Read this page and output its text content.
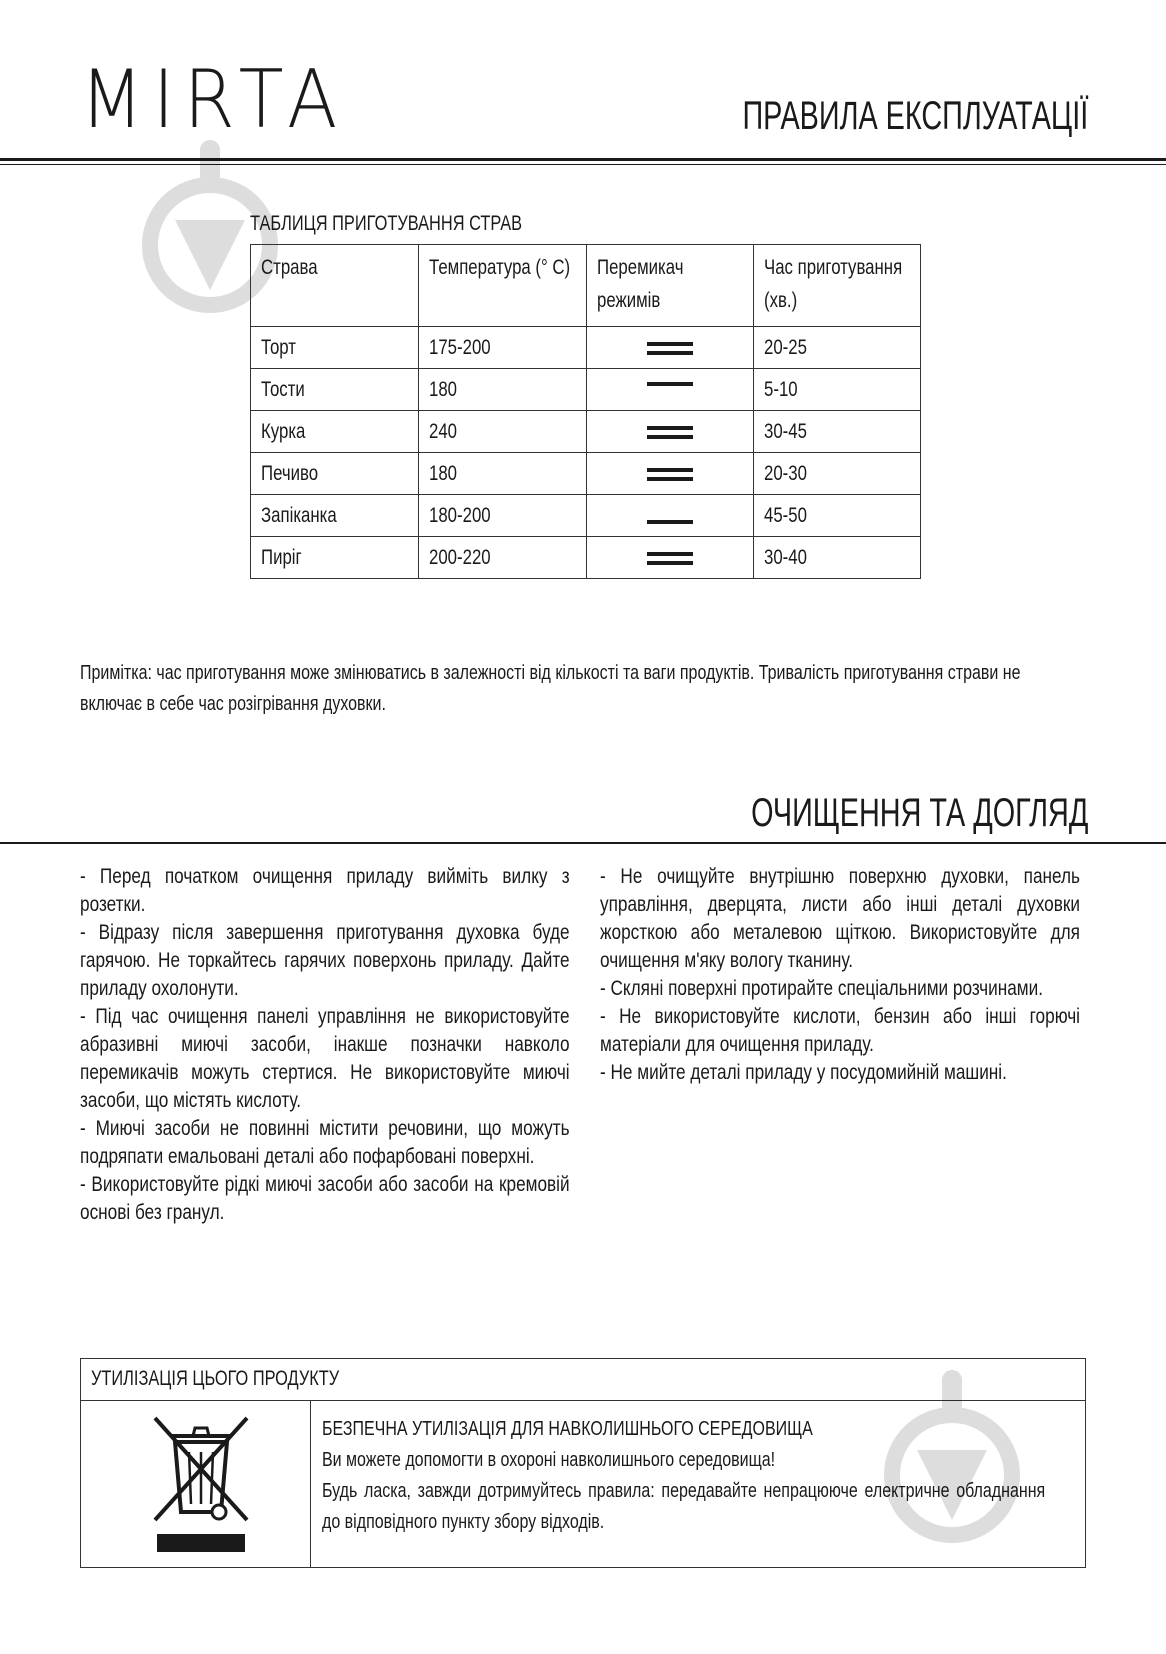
MIRTA	ПРАВИЛА ЕКСПЛУАТАЦІЇ
ТАБЛИЦЯ ПРИГОТУВАННЯ СТРАВ
Страва	Температура (° C)	Перемикач режимів	Час приготування (хв.)
Торт	175-200		20-25
Тости	180		5-10
Курка	240		30-45
Печиво	180		20-30
Запіканка	180-200		45-50
Пиріг	200-220		30-40
Примітка: час приготування може змінюватись в залежності від кількості та ваги продуктів. Тривалість приготування страви не включає в себе час розігрівання духовки.
ОЧИЩЕННЯ ТА ДОГЛЯД

- Перед початком очищення приладу вийміть вилку з розетки.

- Відразу після завершення приготування духовка буде гарячою. Не торкайтесь гарячих поверхонь приладу. Дайте приладу охолонути.

- Під час очищення панелі управління не використовуйте абразивні миючі засоби, інакше позначки навколо перемикачів можуть стертися. Не використовуйте миючі засоби, що містять кислоту.

- Миючі засоби не повинні містити речовини, що можуть подряпати емальовані деталі або пофарбовані поверхні.

- Використовуйте рідкі миючі засоби або засоби на кремовій основі без гранул.

- Не очищуйте внутрішню поверхню духовки, панель управління, дверцята, листи або інші деталі духовки жорсткою або металевою щіткою. Використовуйте для очищення м'яку вологу тканину.

- Скляні поверхні протирайте спеціальними розчинами.

- Не використовуйте кислоти, бензин або інші горючі матеріали для очищення приладу.

- Не мийте деталі приладу у посудомийній машині.

УТИЛІЗАЦІЯ ЦЬОГО ПРОДУКТУ

БЕЗПЕЧНА УТИЛІЗАЦІЯ ДЛЯ НАВКОЛИШНЬОГО СЕРЕДОВИЩА

Ви можете допомогти в охороні навколишнього середовища!

Будь ласка, завжди дотримуйтесь правила: передавайте непрацююче електричне обладнання до відповідного пункту збору відходів.
